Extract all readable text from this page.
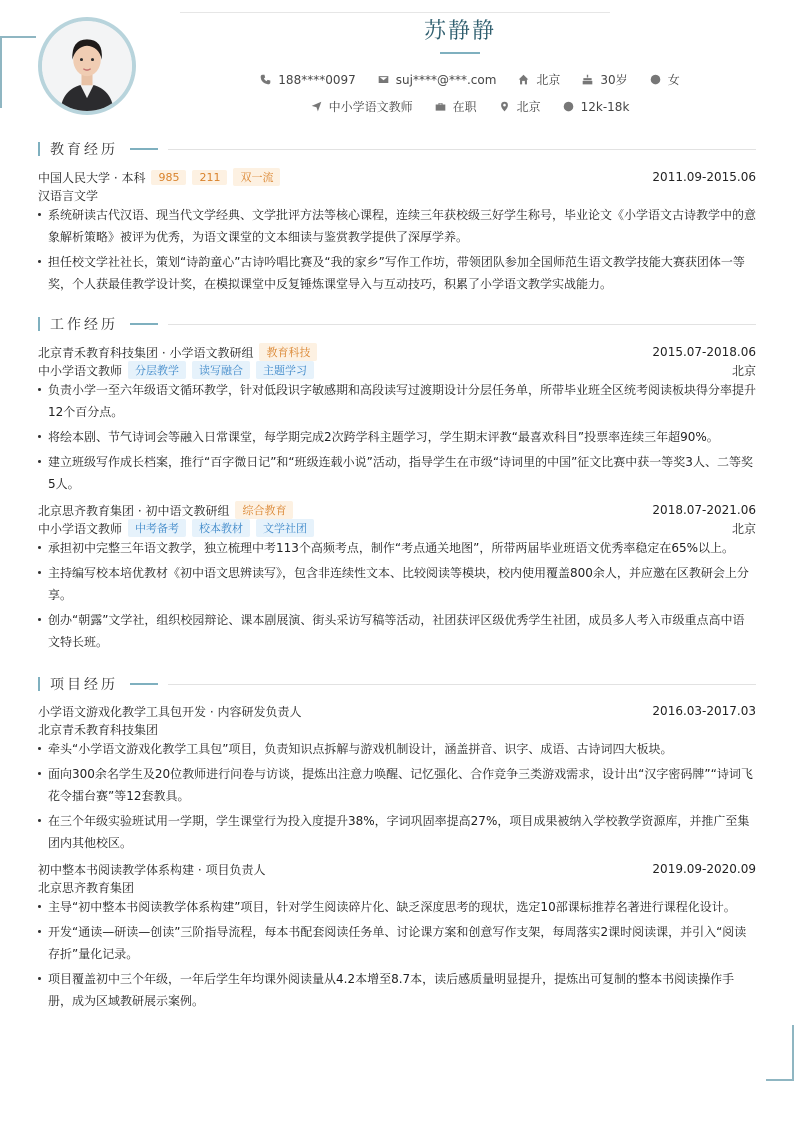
苏静静
188****0097	suj****@***.com	北京	30岁	女
中小学语文教师	在职	北京	12k-18k
教育经历
中国人民大学 · 本科	985	211	双一流	2011.09-2015.06
汉语言文学
系统研读古代汉语、现当代文学经典、文学批评方法等核心课程，连续三年获校级三好学生称号，毕业论文《小学语文古诗教学中的意象解析策略》被评为优秀，为语文课堂的文本细读与鉴赏教学提供了深厚学养。
担任校文学社社长，策划“诗韵童心”古诗吟唱比赛及“我的家乡”写作工作坊，带领团队参加全国师范生语文教学技能大赛获团体一等奖，个人获最佳教学设计奖，在模拟课堂中反复锤炼课堂导入与互动技巧，积累了小学语文教学实战能力。
工作经历
北京青禾教育科技集团 · 小学语文教研组	教育科技	2015.07-2018.06
中小学语文教师	分层教学	读写融合	主题学习	北京
负责小学一至六年级语文循环教学，针对低段识字敏感期和高段读写过渡期设计分层任务单，所带毕业班全区统考阅读板块得分率提升12个百分点。
将绘本剧、节气诗词会等融入日常课堂，每学期完成2次跨学科主题学习，学生期末评教“最喜欢科目”投票率连续三年超90%。
建立班级写作成长档案，推行“百字微日记”和“班级连载小说”活动，指导学生在市级“诗词里的中国”征文比赛中获一等奖3人、二等奖5人。
北京思齐教育集团 · 初中语文教研组	综合教育	2018.07-2021.06
中小学语文教师	中考备考	校本教材	文学社团	北京
承担初中完整三年语文教学，独立梳理中考113个高频考点，制作“考点通关地图”，所带两届毕业班语文优秀率稳定在65%以上。
主持编写校本培优教材《初中语文思辨读写》，包含非连续性文本、比较阅读等模块，校内使用覆盖800余人，并应邀在区教研会上分享。
创办“朝露”文学社，组织校园辩论、课本剧展演、街头采访写稿等活动，社团获评区级优秀学生社团，成员多人考入市级重点高中语文特长班。
项目经历
小学语文游戏化教学工具包开发 · 内容研发负责人	2016.03-2017.03
北京青禾教育科技集团
牵头“小学语文游戏化教学工具包”项目，负责知识点拆解与游戏机制设计，涵盖拼音、识字、成语、古诗词四大板块。
面向300余名学生及20位教师进行问卷与访谈，提炼出注意力唤醒、记忆强化、合作竞争三类游戏需求，设计出“汉字密码牌”“诗词飞花令擂台赛”等12套教具。
在三个年级实验班试用一学期，学生课堂行为投入度提升38%，字词巩固率提高27%，项目成果被纳入学校教学资源库，并推广至集团内其他校区。
初中整本书阅读教学体系构建 · 项目负责人	2019.09-2020.09
北京思齐教育集团
主导“初中整本书阅读教学体系构建”项目，针对学生阅读碎片化、缺乏深度思考的现状，选定10部课标推荐名著进行课程化设计。
开发“通读—研读—创读”三阶指导流程，每本书配套阅读任务单、讨论课方案和创意写作支架，每周落实2课时阅读课，并引入“阅读存折”量化记录。
项目覆盖初中三个年级，一年后学生年均课外阅读量从4.2本增至8.7本，读后感质量明显提升，提炼出可复制的整本书阅读操作手册，成为区域教研展示案例。
